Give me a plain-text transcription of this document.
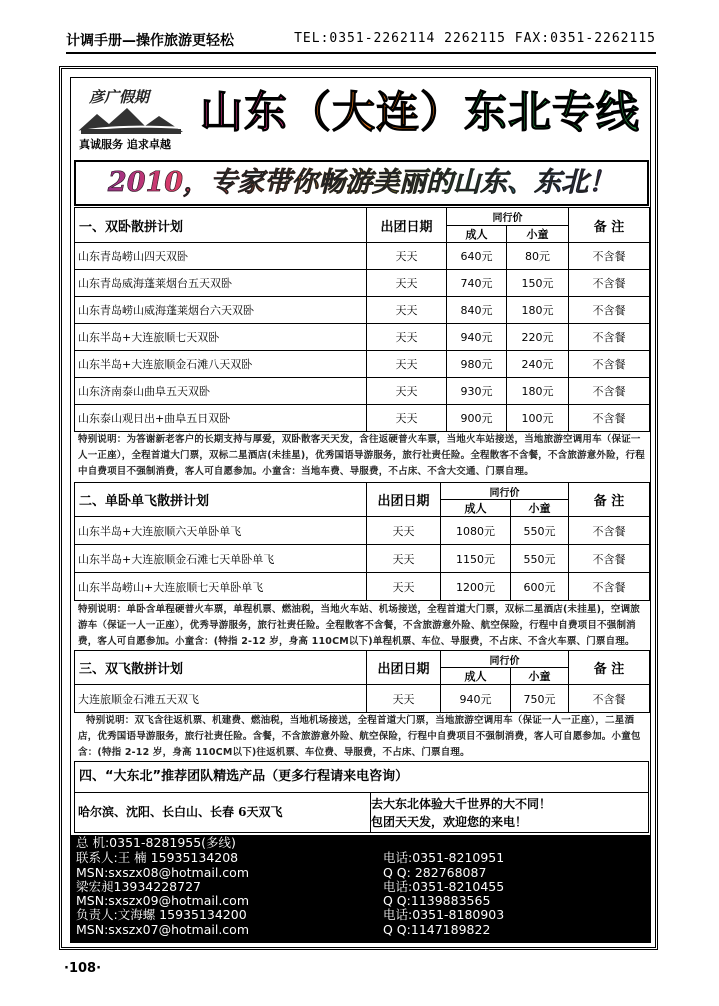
计调手册—操作旅游更轻松	TEL:0351-2262114 2262115 FAX:0351-2262115
彦广假期
真诚服务 追求卓越
山东（大连）东北专线
2010，专家带你畅游美丽的山东、东北！
一、双卧散拼计划	出团日期	同行价		备 注
		成人	小童	
山东青岛崂山四天双卧	天天	640元	80元	不含餐
山东青岛威海蓬莱烟台五天双卧	天天	740元	150元	不含餐
山东青岛崂山威海蓬莱烟台六天双卧	天天	840元	180元	不含餐
山东半岛+大连旅顺七天双卧	天天	940元	220元	不含餐
山东半岛+大连旅顺金石滩八天双卧	天天	980元	240元	不含餐
山东济南泰山曲阜五天双卧	天天	930元	180元	不含餐
山东泰山观日出+曲阜五日双卧	天天	900元	100元	不含餐
特别说明：为答谢新老客户的长期支持与厚爱，双卧散客天天发，含往返硬普火车票，当地火车站接送，当地旅游空调用车（保证一人一正座），全程首道大门票，双标二星酒店(未挂星)，优秀国语导游服务，旅行社责任险。全程散客不含餐，不含旅游意外险，行程中自费项目不强制消费，客人可自愿参加。小童含：当地车费、导服费，不占床、不含大交通、门票自理。
二、单卧单飞散拼计划	出团日期	同行价		备 注
		成人	小童	
山东半岛+大连旅顺六天单卧单飞	天天	1080元	550元	不含餐
山东半岛+大连旅顺金石滩七天单卧单飞	天天	1150元	550元	不含餐
山东半岛崂山+大连旅顺七天单卧单飞	天天	1200元	600元	不含餐
特别说明：单卧含单程硬普火车票，单程机票、燃油税，当地火车站、机场接送，全程首道大门票，双标二星酒店(未挂星)，空调旅游车（保证一人一正座），优秀导游服务，旅行社责任险。全程散客不含餐，不含旅游意外险、航空保险，行程中自费项目不强制消费，客人可自愿参加。小童含：(特指 2-12 岁，身高 110CM以下)单程机票、车位、导服费，不占床、不含火车票、门票自理。
三、双飞散拼计划	出团日期	同行价		备 注
		成人	小童	
大连旅顺金石滩五天双飞	天天	940元	750元	不含餐
特别说明：双飞含往返机票、机建费、燃油税，当地机场接送，全程首道大门票，当地旅游空调用车（保证一人一正座），二星酒店，优秀国语导游服务，旅行社责任险。含餐，不含旅游意外险、航空保险，行程中自费项目不强制消费，客人可自愿参加。小童包含：(特指 2-12 岁，身高 110CM以下)往返机票、车位费、导服费，不占床、门票自理。
四、“大东北”推荐团队精选产品（更多行程请来电咨询）
哈尔滨、沈阳、长白山、长春 6天双飞
去大东北体验大千世界的大不同！
包团天天发，欢迎您的来电！
总 机:0351-8281955(多线)
联系人:王 楠 15935134208
MSN:sxszx08@hotmail.com
梁宏昶13934228727
MSN:sxszx09@hotmail.com
负责人:文海螺 15935134200
MSN:sxszx07@hotmail.com
电话:0351-8210951
Q Q: 282768087
电话:0351-8210455
Q Q:1139883565
电话:0351-8180903
Q Q:1147189822
·108·
